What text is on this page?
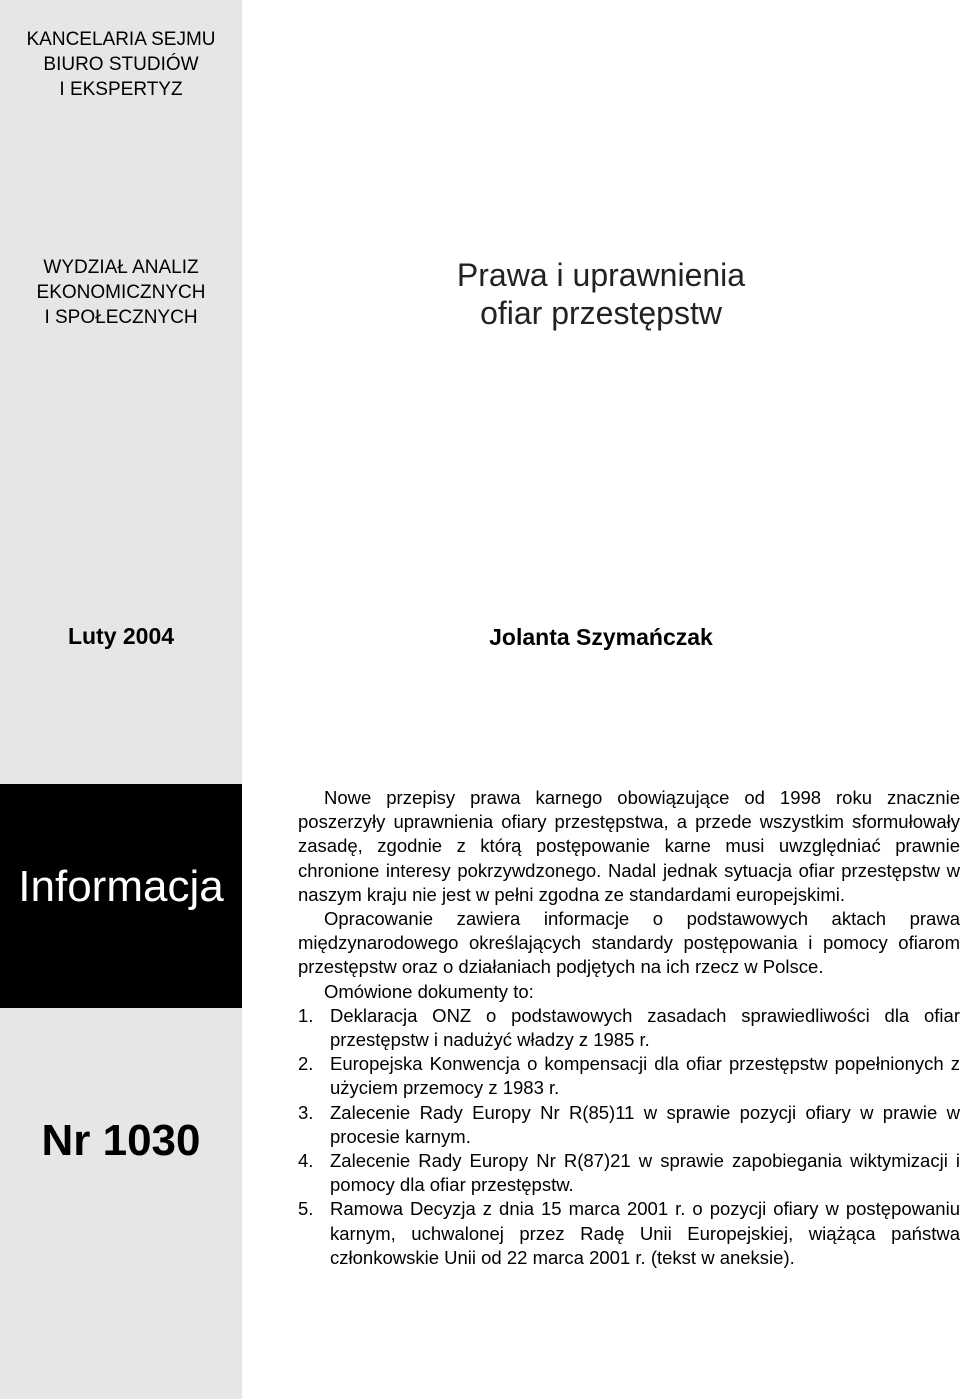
KANCELARIA SEJMU
BIURO STUDIÓW
I EKSPERTYZ
WYDZIAŁ ANALIZ
EKONOMICZNYCH
I SPOŁECZNYCH
Luty 2004
Informacja
Nr 1030
Prawa i uprawnienia
ofiar przestępstw
Jolanta Szymańczak

Nowe przepisy prawa karnego obowiązujące od 1998 roku znacznie poszerzyły uprawnienia ofiary przestępstwa, a przede wszystkim sformułowały zasadę, zgodnie z którą postępowanie karne musi uwzględniać prawnie chronione interesy pokrzywdzonego. Nadal jednak sytuacja ofiar przestępstw w naszym kraju nie jest w pełni zgodna ze standardami europejskimi.

Opracowanie zawiera informacje o podstawowych aktach prawa międzynarodowego określających standardy postępowania i pomocy ofiarom przestępstw oraz o działaniach podjętych na ich rzecz w Polsce.

Omówione dokumenty to:

1. Deklaracja ONZ o podstawowych zasadach sprawiedliwości dla ofiar przestępstw i nadużyć władzy z 1985 r.
2. Europejska Konwencja o kompensacji dla ofiar przestępstw popełnionych z użyciem przemocy z 1983 r.
3. Zalecenie Rady Europy Nr R(85)11 w sprawie pozycji ofiary w prawie w procesie karnym.
4. Zalecenie Rady Europy Nr R(87)21 w sprawie zapobiegania wiktymizacji i pomocy dla ofiar przestępstw.
5. Ramowa Decyzja z dnia 15 marca 2001 r. o pozycji ofiary w postępowaniu karnym, uchwalonej przez Radę Unii Europejskiej, wiążąca państwa członkowskie Unii od 22 marca 2001 r. (tekst w aneksie).
